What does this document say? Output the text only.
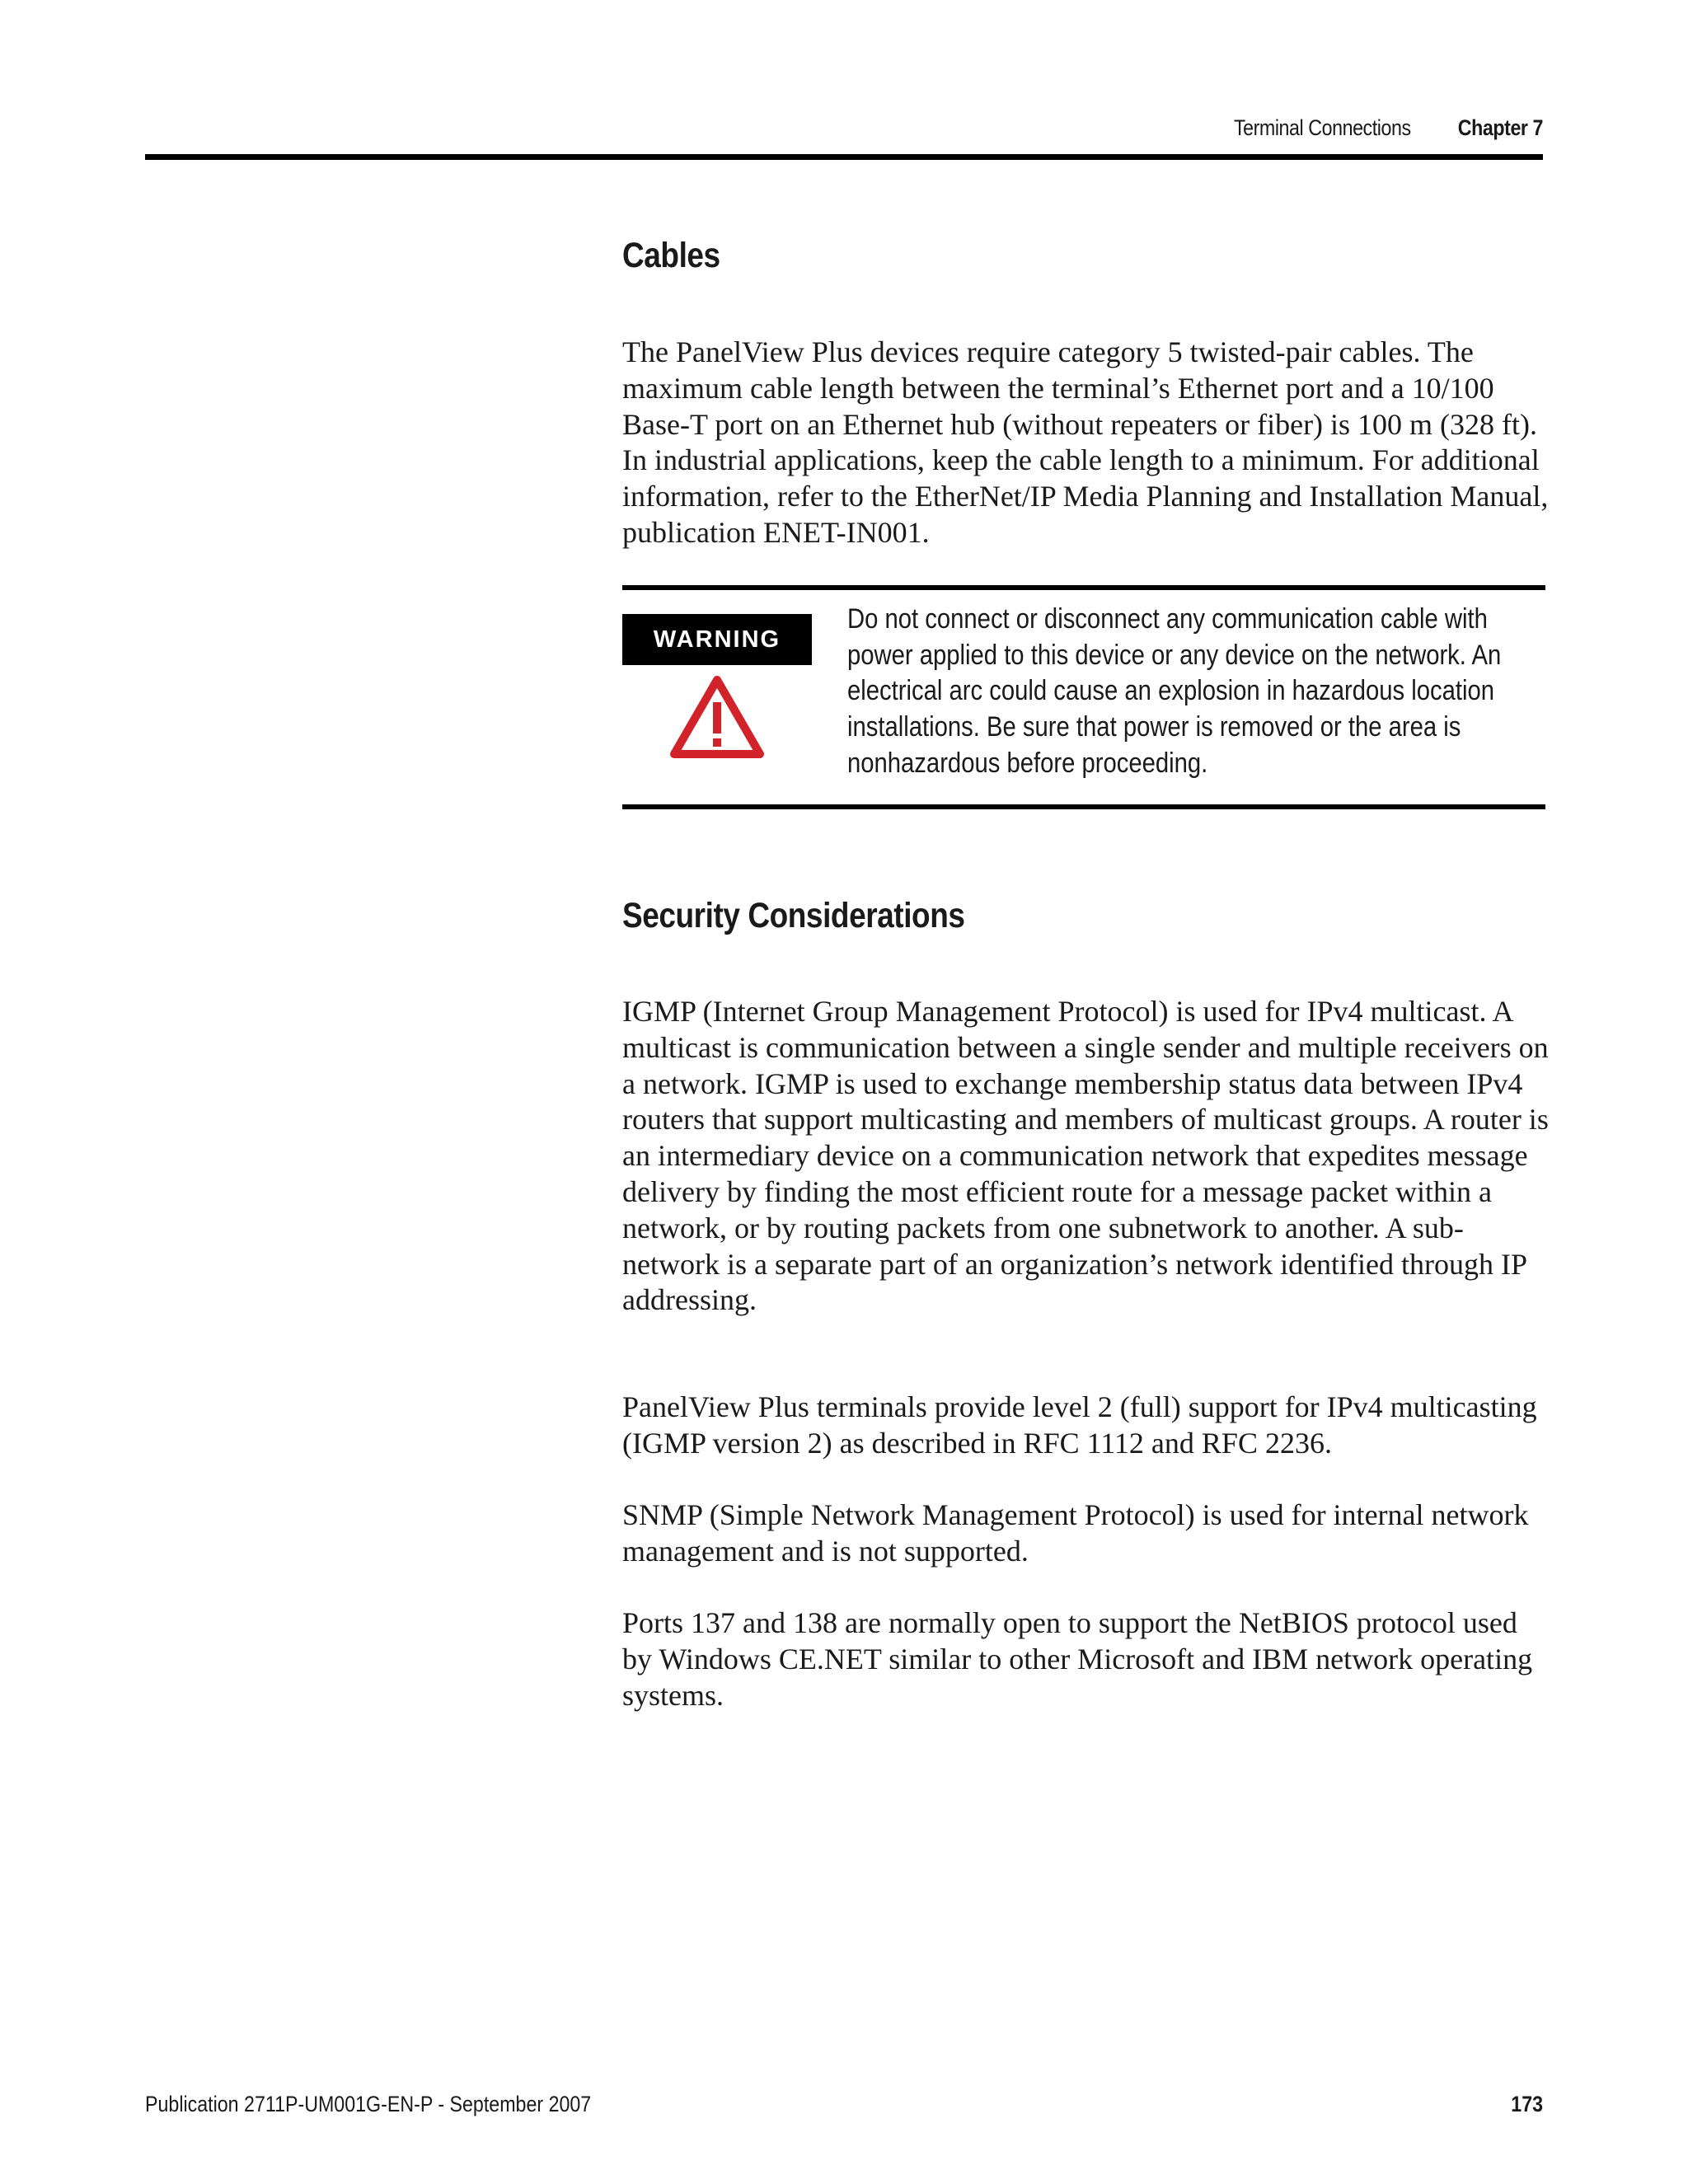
Terminal Connections Chapter 7
Cables

The PanelView Plus devices require category 5 twisted-pair cables. The maximum cable length between the terminal’s Ethernet port and a 10/100 Base-T port on an Ethernet hub (without repeaters or fiber) is 100 m (328 ft). In industrial applications, keep the cable length to a minimum. For additional information, refer to the EtherNet/IP Media Planning and Installation Manual, publication ENET-IN001.

WARNING

Do not connect or disconnect any communication cable with power applied to this device or any device on the network. An electrical arc could cause an explosion in hazardous location installations. Be sure that power is removed or the area is nonhazardous before proceeding.

Security Considerations

IGMP (Internet Group Management Protocol) is used for IPv4 multicast. A multicast is communication between a single sender and multiple receivers on a network. IGMP is used to exchange membership status data between IPv4 routers that support multicasting and members of multicast groups. A router is an intermediary device on a communication network that expedites message delivery by finding the most efficient route for a message packet within a network, or by routing packets from one subnetwork to another. A sub-network is a separate part of an organization’s network identified through IP addressing.

PanelView Plus terminals provide level 2 (full) support for IPv4 multicasting (IGMP version 2) as described in RFC 1112 and RFC 2236.

SNMP (Simple Network Management Protocol) is used for internal network management and is not supported.

Ports 137 and 138 are normally open to support the NetBIOS protocol used by Windows CE.NET similar to other Microsoft and IBM network operating systems.

Publication 2711P-UM001G-EN-P - September 2007	173
